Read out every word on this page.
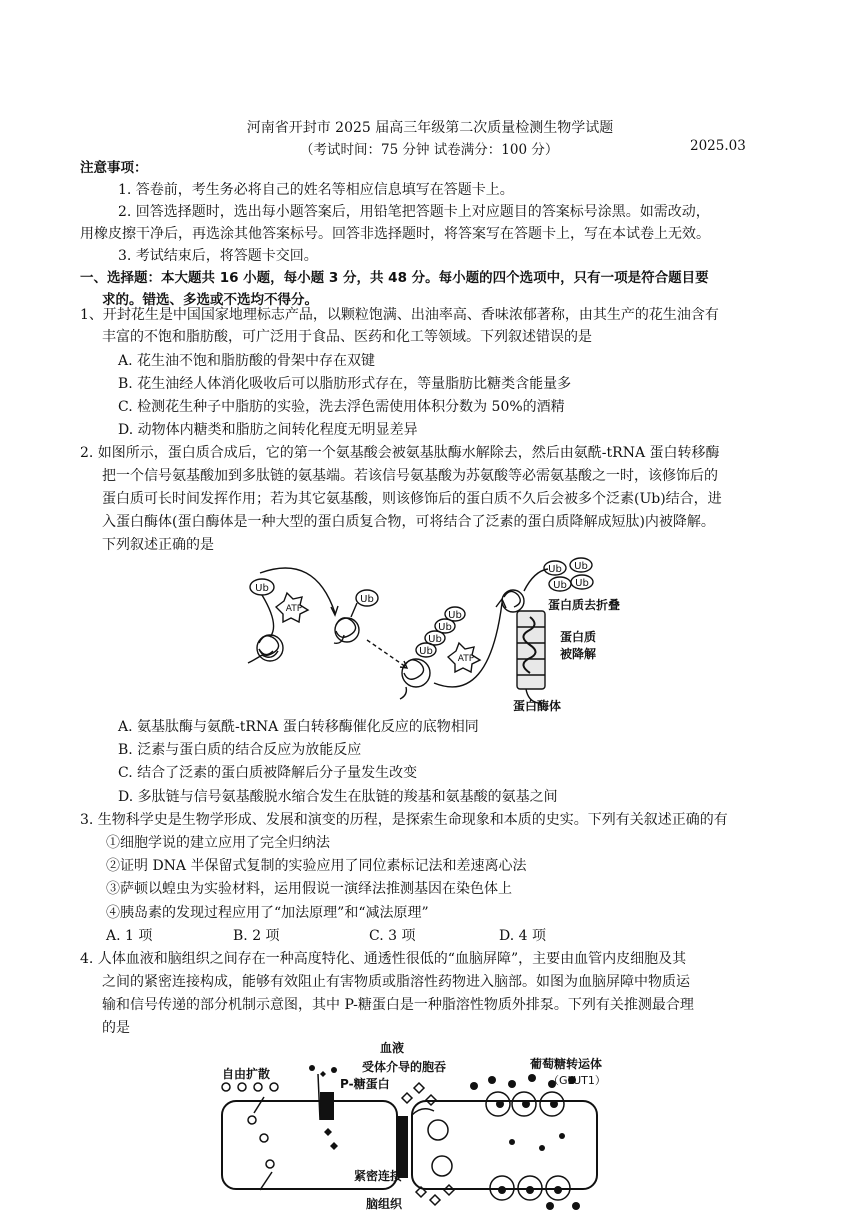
河南省开封市 2025 届高三年级第二次质量检测生物学试题
（考试时间：75 分钟 试卷满分：100 分）	2025.03
注意事项：
1. 答卷前，考生务必将自己的姓名等相应信息填写在答题卡上。
2. 回答选择题时，选出每小题答案后，用铅笔把答题卡上对应题目的答案标号涂黑。如需改动，
用橡皮擦干净后，再选涂其他答案标号。回答非选择题时，将答案写在答题卡上，写在本试卷上无效。
3. 考试结束后，将答题卡交回。
一、选择题：本大题共 16 小题，每小题 3 分，共 48 分。每小题的四个选项中，只有一项是符合题目要
求的。错选、多选或不选均不得分。
1、开封花生是中国国家地理标志产品，以颗粒饱满、出油率高、香味浓郁著称，由其生产的花生油含有
丰富的不饱和脂肪酸，可广泛用于食品、医药和化工等领域。下列叙述错误的是
A. 花生油不饱和脂肪酸的骨架中存在双键
B. 花生油经人体消化吸收后可以脂肪形式存在，等量脂肪比糖类含能量多
C. 检测花生种子中脂肪的实验，洗去浮色需使用体积分数为 50%的酒精
D. 动物体内糖类和脂肪之间转化程度无明显差异
2. 如图所示，蛋白质合成后，它的第一个氨基酸会被氨基肽酶水解除去，然后由氨酰-tRNA 蛋白转移酶
把一个信号氨基酸加到多肽链的氨基端。若该信号氨基酸为苏氨酸等必需氨基酸之一时，该修饰后的
蛋白质可长时间发挥作用；若为其它氨基酸，则该修饰后的蛋白质不久后会被多个泛素(Ub)结合，进
入蛋白酶体(蛋白酶体是一种大型的蛋白质复合物，可将结合了泛素的蛋白质降解成短肽)内被降解。
下列叙述正确的是
Ub
Ub
Ub
Ub
Ub
Ub
Ub Ub
Ub Ub
ATP
ATP
蛋白质去折叠
蛋白质
被降解
蛋白酶体
A. 氨基肽酶与氨酰-tRNA 蛋白转移酶催化反应的底物相同
B. 泛素与蛋白质的结合反应为放能反应
C. 结合了泛素的蛋白质被降解后分子量发生改变
D. 多肽链与信号氨基酸脱水缩合发生在肽链的羧基和氨基酸的氨基之间
3. 生物科学史是生物学形成、发展和演变的历程，是探索生命现象和本质的史实。下列有关叙述正确的有
①细胞学说的建立应用了完全归纳法
②证明 DNA 半保留式复制的实验应用了同位素标记法和差速离心法
③萨顿以蝗虫为实验材料，运用假说一演绎法推测基因在染色体上
④胰岛素的发现过程应用了“加法原理”和“减法原理”
A. 1 项	B. 2 项	C. 3 项	D. 4 项
4. 人体血液和脑组织之间存在一种高度特化、通透性很低的“血脑屏障”，主要由血管内皮细胞及其
之间的紧密连接构成，能够有效阻止有害物质或脂溶性药物进入脑部。如图为血脑屏障中物质运
输和信号传递的部分机制示意图，其中 P-糖蛋白是一种脂溶性物质外排泵。下列有关推测最合理
的是
自由扩散
P-糖蛋白
血液
受体介导的胞吞	葡萄糖转运体
（GLUT1）
紧密连接
脑组织
